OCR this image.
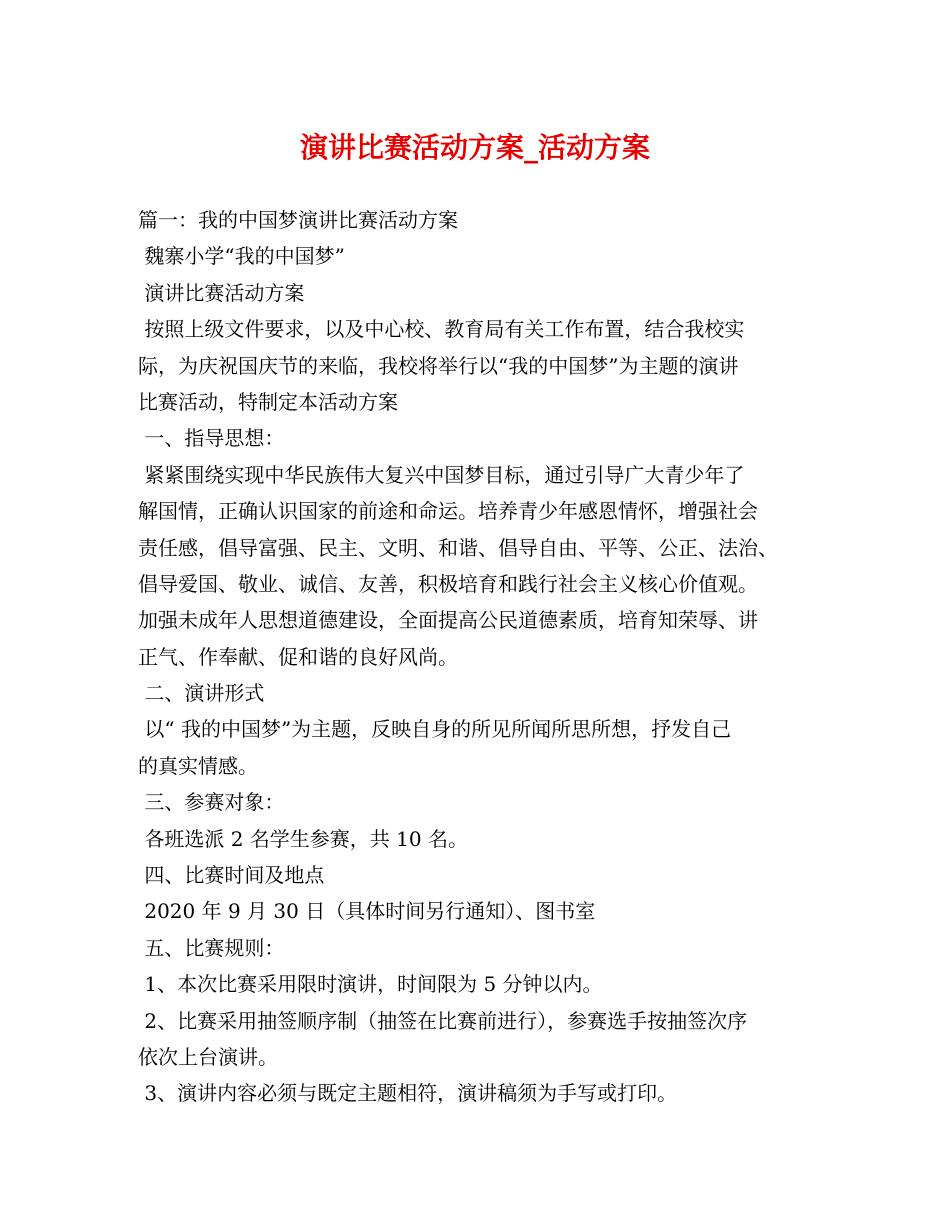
演讲比赛活动方案_活动方案
篇一：我的中国梦演讲比赛活动方案
魏寨小学“我的中国梦”
演讲比赛活动方案
按照上级文件要求，以及中心校、教育局有关工作布置，结合我校实
际，为庆祝国庆节的来临，我校将举行以“我的中国梦”为主题的演讲
比赛活动，特制定本活动方案
一、指导思想：
紧紧围绕实现中华民族伟大复兴中国梦目标，通过引导广大青少年了
解国情，正确认识国家的前途和命运。培养青少年感恩情怀，增强社会
责任感，倡导富强、民主、文明、和谐、倡导自由、平等、公正、法治、
倡导爱国、敬业、诚信、友善，积极培育和践行社会主义核心价值观。
加强未成年人思想道德建设，全面提高公民道德素质，培育知荣辱、讲
正气、作奉献、促和谐的良好风尚。
二、演讲形式
以“ 我的中国梦”为主题，反映自身的所见所闻所思所想，抒发自己
的真实情感。
三、参赛对象：
各班选派 2 名学生参赛，共 10 名。
四、比赛时间及地点
2020 年 9 月 30 日（具体时间另行通知）、图书室
五、比赛规则：
1、本次比赛采用限时演讲，时间限为 5 分钟以内。
2、比赛采用抽签顺序制（抽签在比赛前进行），参赛选手按抽签次序
依次上台演讲。
3、演讲内容必须与既定主题相符，演讲稿须为手写或打印。
